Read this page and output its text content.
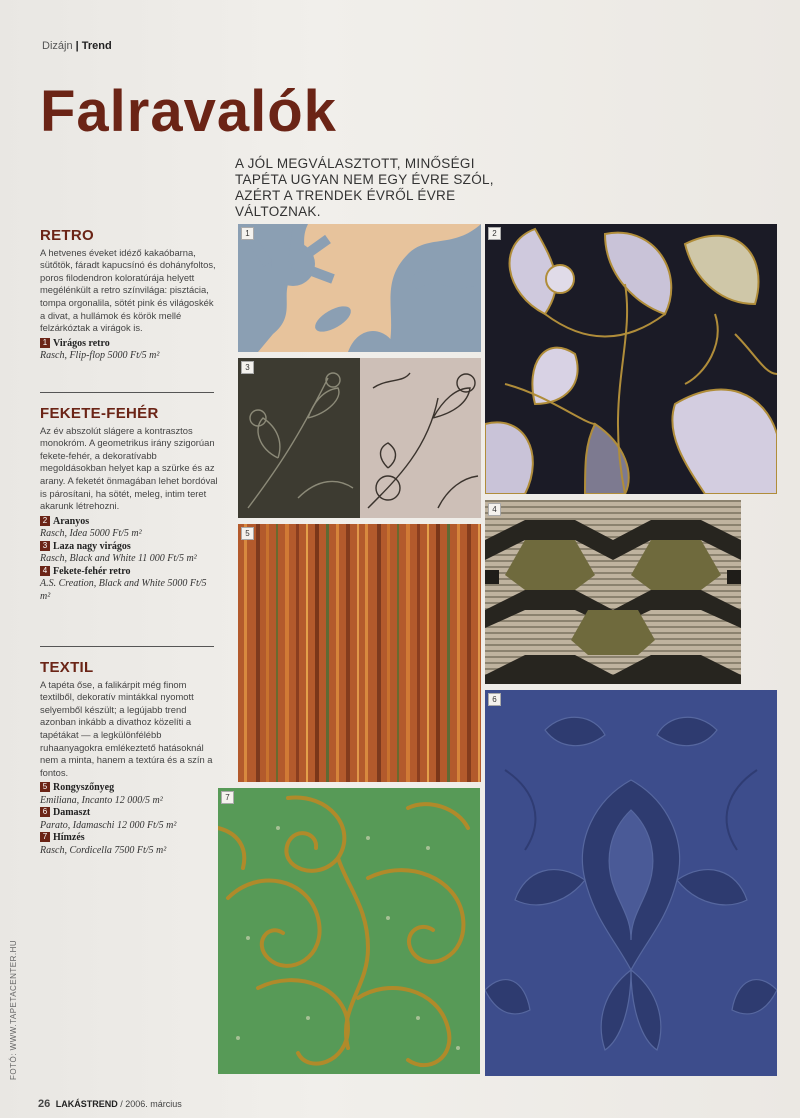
Dizájn | Trend
Falravalók
A JÓL MEGVÁLASZTOTT, MINŐSÉGI TAPÉTA UGYAN NEM EGY ÉVRE SZÓL, AZÉRT A TRENDEK ÉVRŐL ÉVRE VÁLTOZNAK.
RETRO

A hetvenes éveket idéző kakaóbarna, sütőtök, fáradt kapucsínó és dohányfoltos, poros filodendron koloratúrája helyett megélénkült a retro színvilága: pisztácia, tompa orgonalila, sötét pink és világoskék a divat, a hullámok és körök mellé felzárkóztak a virágok is.

1 Virágos retro
Rasch, Flip-flop 5000 Ft/5 m²
FEKETE-FEHÉR

Az év abszolút slágere a kontrasztos monokróm. A geometrikus irány szigorúan fekete-fehér, a dekoratívabb megoldásokban helyet kap a szürke és az arany. A feketét önmagában lehet bordóval is párosítani, ha sötét, meleg, intim teret akarunk létrehozni.

2 Aranyos
Rasch, Idea 5000 Ft/5 m²
3 Laza nagy virágos
Rasch, Black and White 11 000 Ft/5 m²
4 Fekete-fehér retro
A.S. Creation, Black and White 5000 Ft/5 m²
TEXTIL

A tapéta őse, a falikárpit még finom textilből, dekoratív mintákkal nyomott selyemből készült; a legújabb trend azonban inkább a divathoz közelíti a tapétákat — a legkülönfélébb ruhaanyagokra emlékeztető hatásoknál nem a minta, hanem a textúra és a szín a fontos.

5 Rongyszőnyeg
Emiliana, Incanto 12 000/5 m²
6 Damaszt
Parato, Idamaschi 12 000 Ft/5 m²
7 Hímzés
Rasch, Cordicella 7500 Ft/5 m²
1	2
3
4
5
6
7
FOTÓ: WWW.TAPETACENTER.HU
26 LAKÁSTREND / 2006. március
